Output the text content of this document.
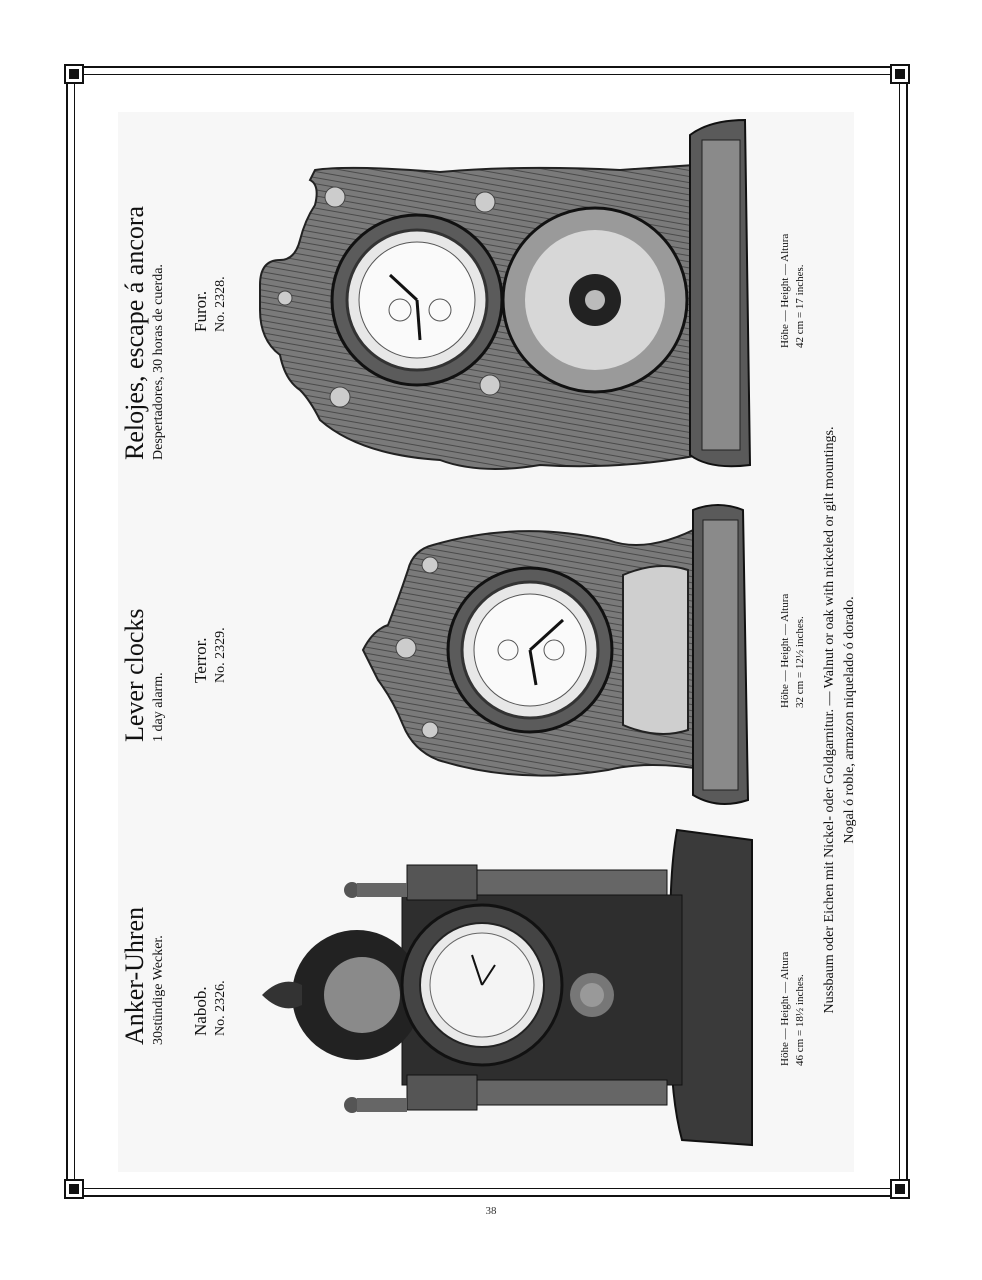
Anker-Uhren 30stündige Wecker. Nabob. No. 2326.	Höhe — Height — Altura 46 cm = 18½ inches.
Lever clocks 1 day alarm.
Terror. No. 2329.	Höhe — Height — Altura 32 cm = 12½ inches.
Relojes, escape á ancora Despertadores, 30 horas de cuerda. Furor. No. 2328.	Höhe — Height — Altura 42 cm = 17 inches.
Nussbaum oder Eichen mit Nickel- oder Goldgarnitur. — Walnut or oak with nickeled or gilt mountings. Nogal ó roble, armazon niquelado ó dorado.
38
